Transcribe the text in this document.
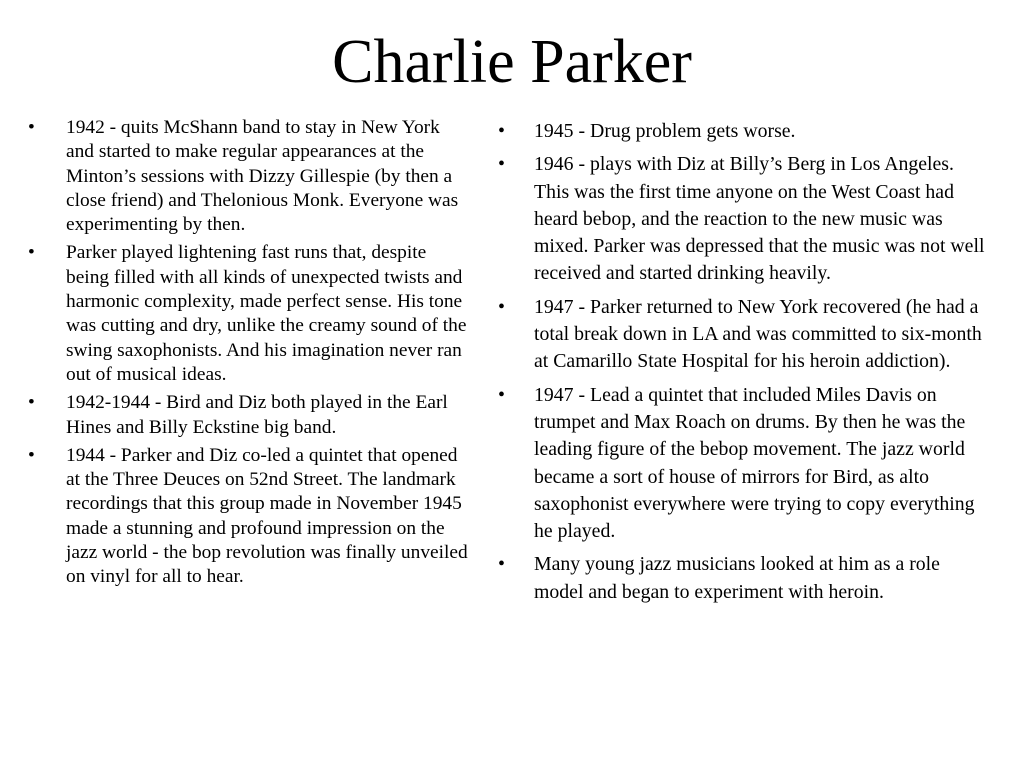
Charlie Parker
• 1942 - quits McShann band to stay in New York and started to make regular appearances at the Minton’s sessions with Dizzy Gillespie (by then a close friend) and Thelonious Monk. Everyone was experimenting by then.
• Parker played lightening fast runs that, despite being filled with all kinds of unexpected twists and harmonic complexity, made perfect sense. His tone was cutting and dry, unlike the creamy sound of the swing saxophonists. And his imagination never ran out of musical ideas.
• 1942-1944 - Bird and Diz both played in the Earl Hines and Billy Eckstine big band.
• 1944 - Parker and Diz co-led a quintet that opened at the Three Deuces on 52nd Street. The landmark recordings that this group made in November 1945 made a stunning and profound impression on the jazz world - the bop revolution was finally unveiled on vinyl for all to hear.
• 1945 - Drug problem gets worse.
• 1946 - plays with Diz at Billy’s Berg in Los Angeles. This was the first time anyone on the West Coast had heard bebop, and the reaction to the new music was mixed. Parker was depressed that the music was not well received and started drinking heavily.
• 1947 - Parker returned to New York recovered (he had a total break down in LA and was committed to six-month at Camarillo State Hospital for his heroin addiction).
• 1947 - Lead a quintet that included Miles Davis on trumpet and Max Roach on drums. By then he was the leading figure of the bebop movement. The jazz world became a sort of house of mirrors for Bird, as alto saxophonist everywhere were trying to copy everything he played.
• Many young jazz musicians looked at him as a role model and began to experiment with heroin.
